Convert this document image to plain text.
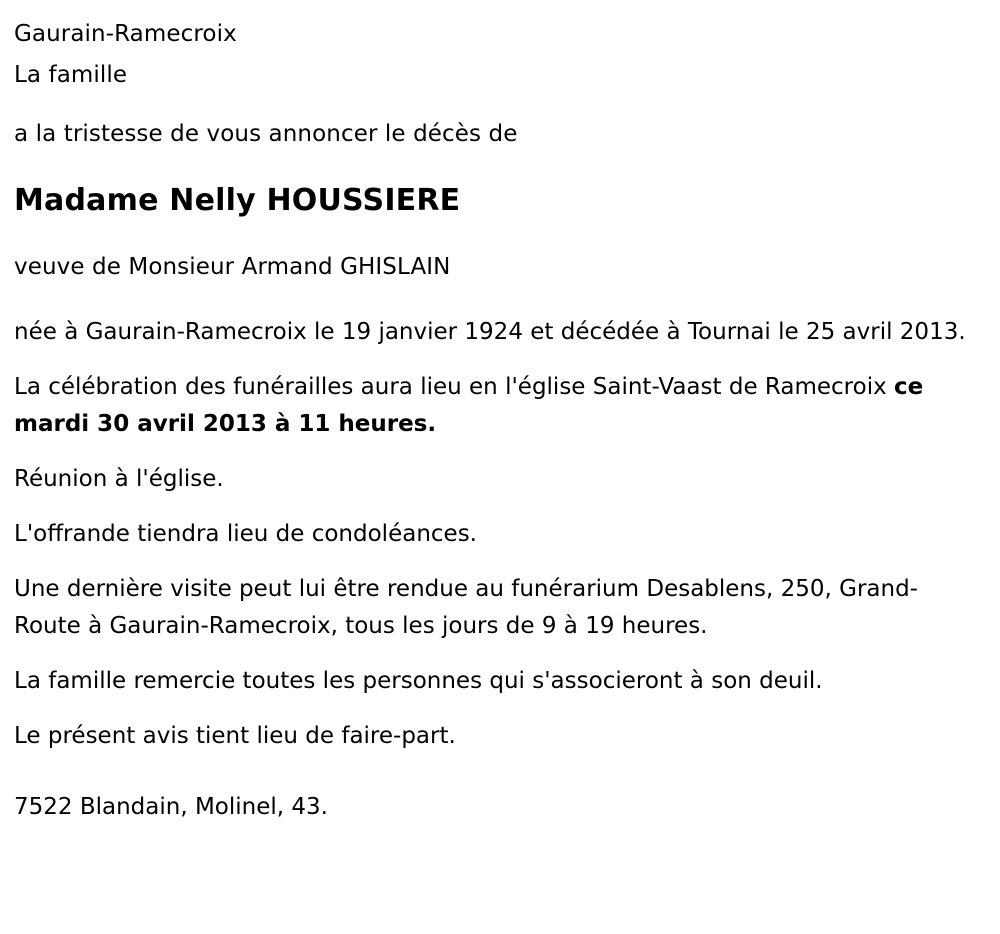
Gaurain-Ramecroix
La famille
a la tristesse de vous annoncer le décès de
Madame Nelly HOUSSIERE
veuve de Monsieur Armand GHISLAIN
née à Gaurain-Ramecroix le 19 janvier 1924 et décédée à Tournai le 25 avril 2013.
La célébration des funérailles aura lieu en l'église Saint-Vaast de Ramecroix ce mardi 30 avril 2013 à 11 heures.
Réunion à l'église.
L'offrande tiendra lieu de condoléances.
Une dernière visite peut lui être rendue au funérarium Desablens, 250, Grand-Route à Gaurain-Ramecroix, tous les jours de 9 à 19 heures.
La famille remercie toutes les personnes qui s'associeront à son deuil.
Le présent avis tient lieu de faire-part.
7522 Blandain, Molinel, 43.
